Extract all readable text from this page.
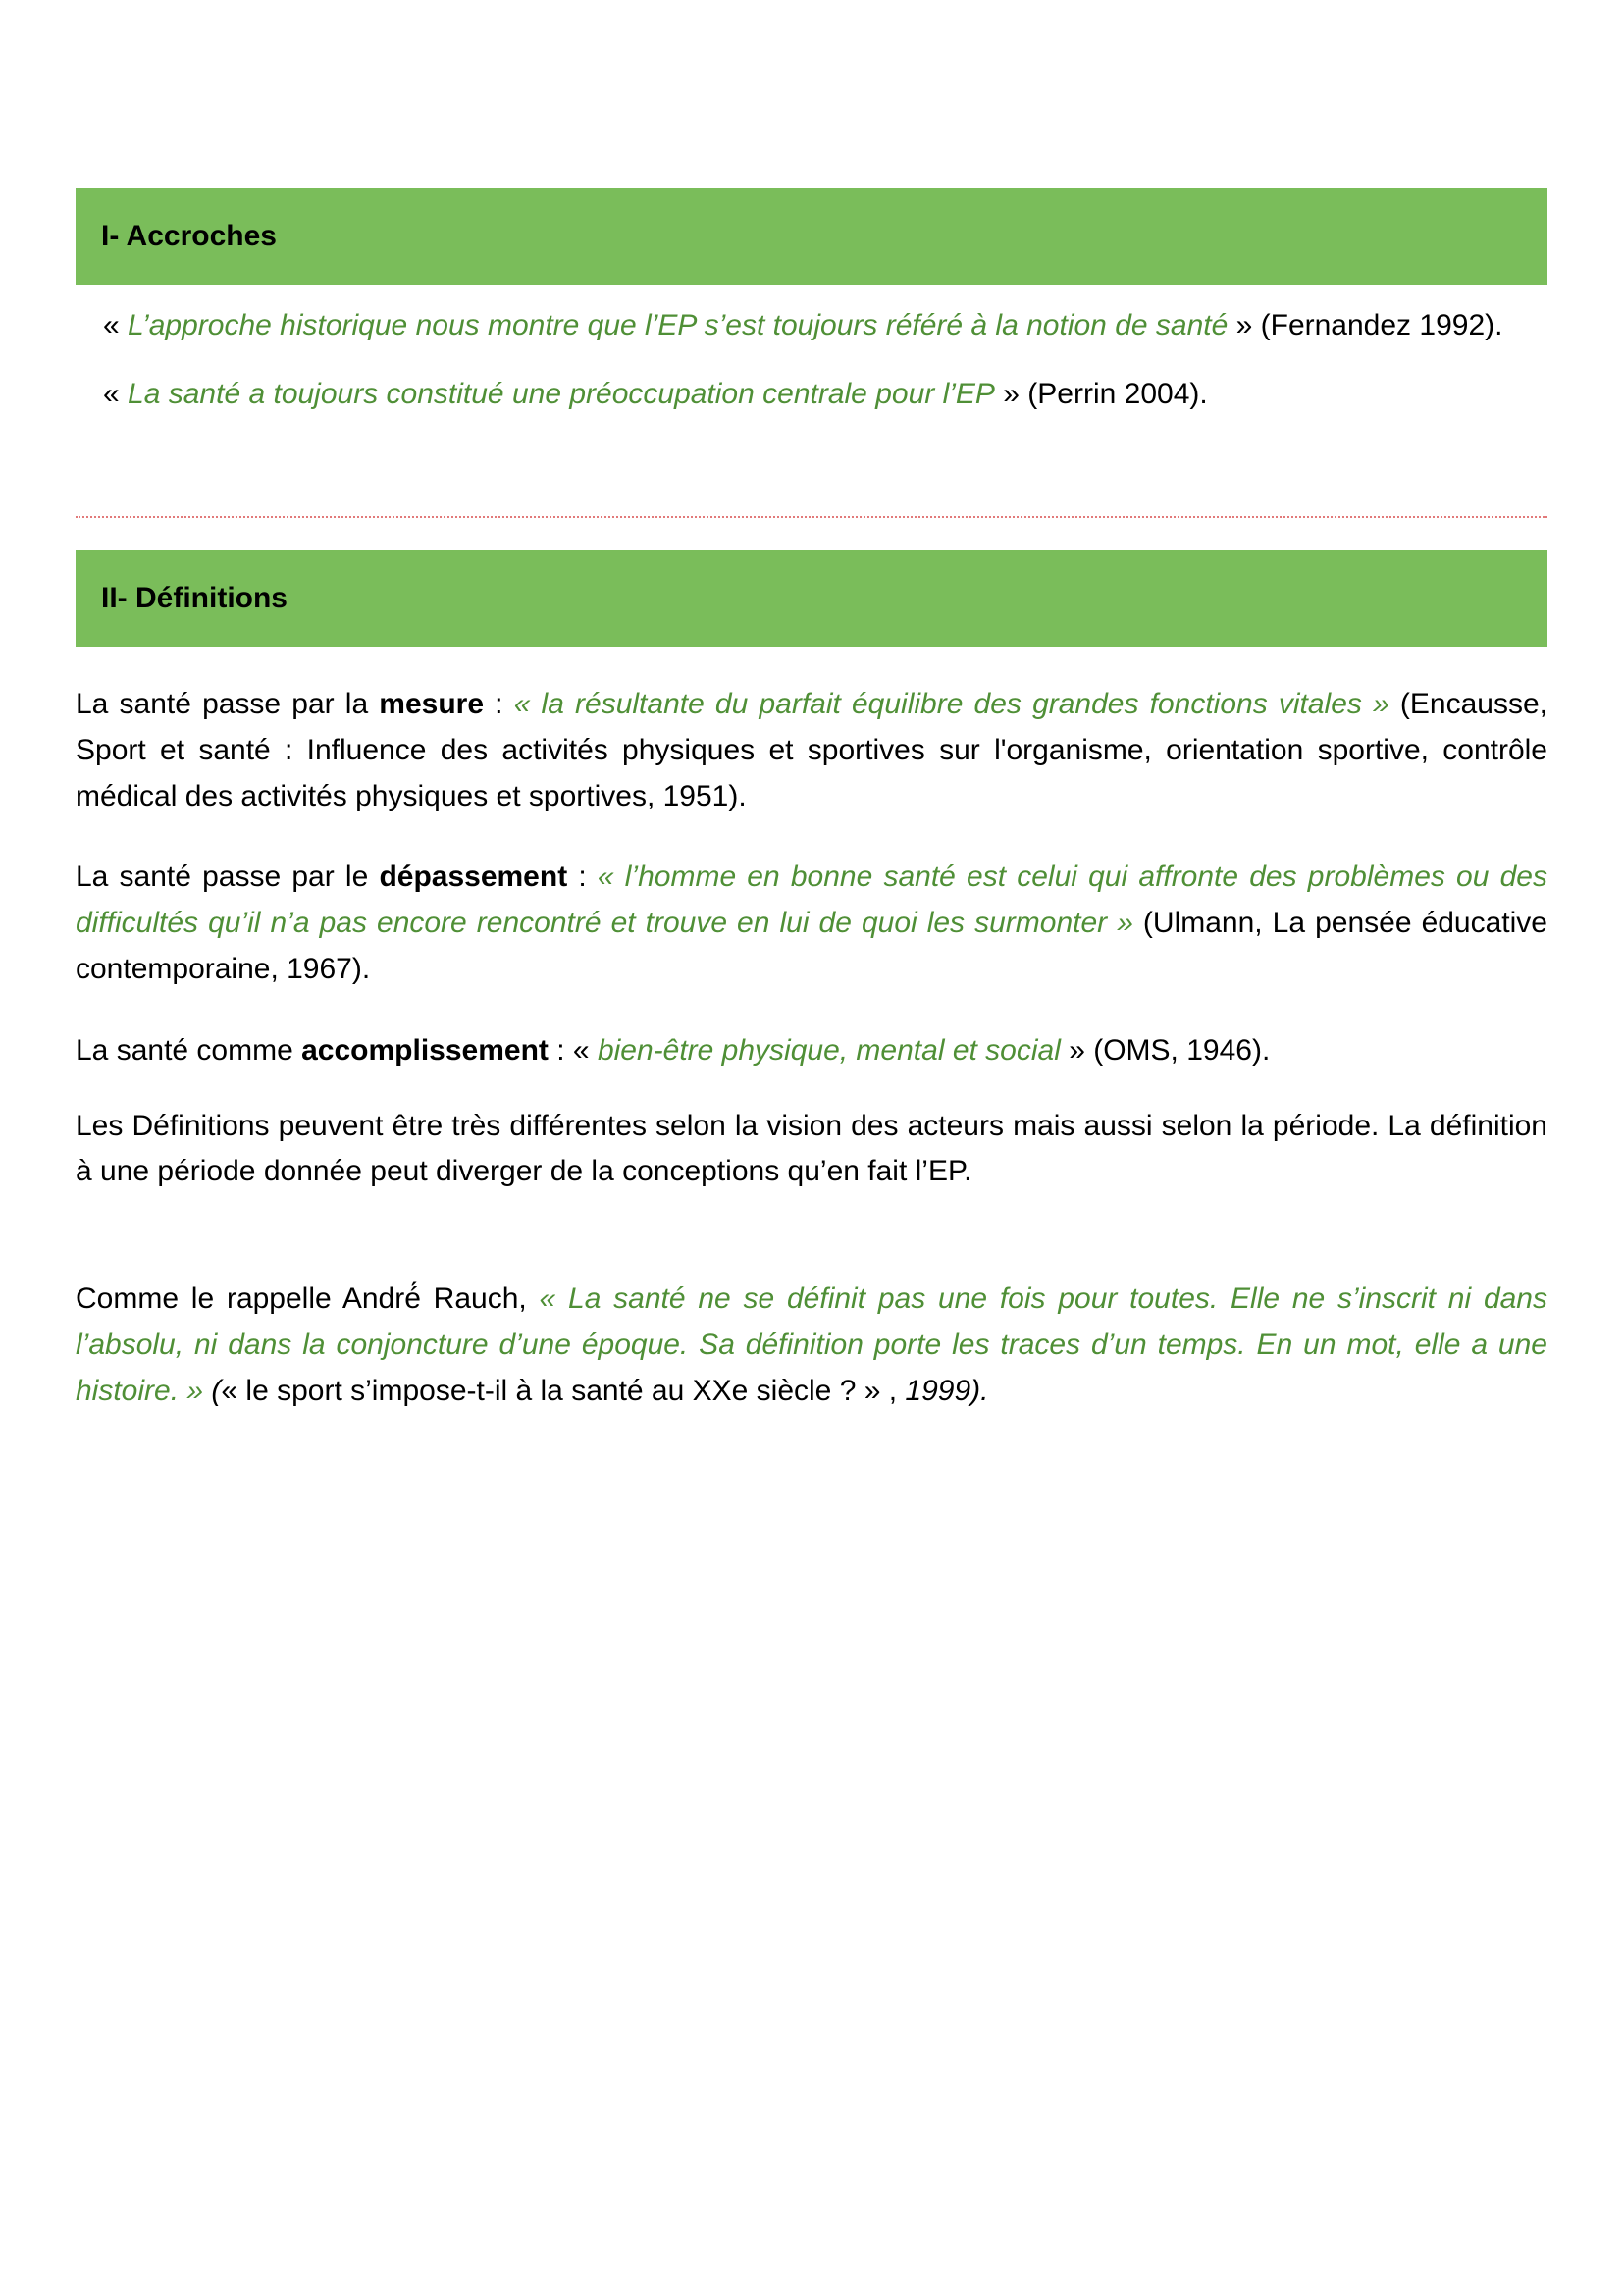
I- Accroches
« L’approche historique nous montre que l’EP s’est toujours référé à la notion de santé » (Fernandez 1992).
« La santé a toujours constitué une préoccupation centrale pour l’EP » (Perrin 2004).
II- Définitions

La santé passe par la mesure : « la résultante du parfait équilibre des grandes fonctions vitales » (Encausse, Sport et santé : Influence des activités physiques et sportives sur l'organisme, orientation sportive, contrôle médical des activités physiques et sportives, 1951).

La santé passe par le dépassement : « l’homme en bonne santé est celui qui affronte des problèmes ou des difficultés qu’il n’a pas encore rencontré et trouve en lui de quoi les surmonter » (Ulmann, La pensée éducative contemporaine, 1967).

La santé comme accomplissement : « bien-être physique, mental et social » (OMS, 1946).

Les Définitions peuvent être très différentes selon la vision des acteurs mais aussi selon la période. La définition à une période donnée peut diverger de la conceptions qu’en fait l’EP.

Comme le rappelle André́ Rauch, « La santé ne se définit pas une fois pour toutes. Elle ne s’inscrit ni dans l’absolu, ni dans la conjoncture d’une époque. Sa définition porte les traces d’un temps. En un mot, elle a une histoire. » (« le sport s’impose-t-il à la santé au XXe siècle ? » , 1999).
